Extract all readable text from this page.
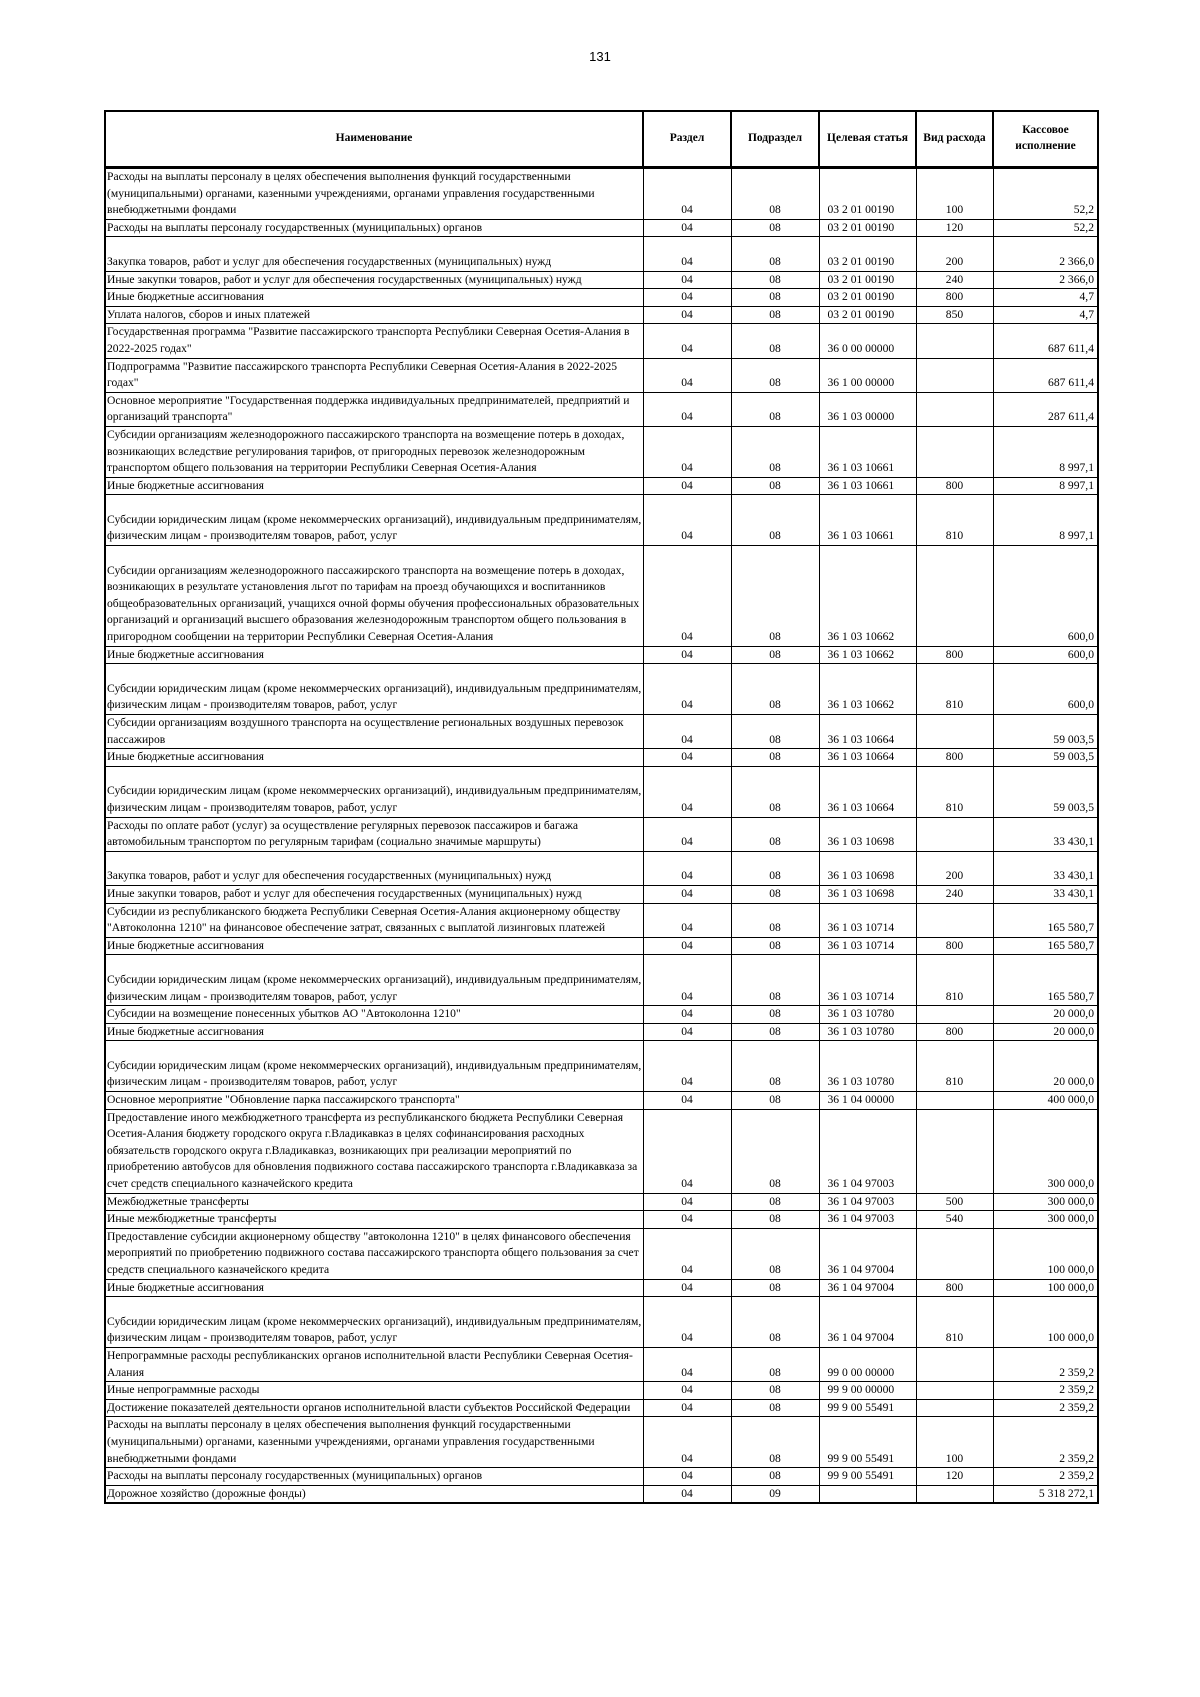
131
Наименование	Раздел	Подраздел	Целевая статья	Вид расхода	Кассовое исполнение
Расходы на выплаты персоналу в целях обеспечения выполнения функций государственными (муниципальными) органами, казенными учреждениями, органами управления государственными внебюджетными фондами	04	08	03 2 01 00190	100	52,2
Расходы на выплаты персоналу государственных (муниципальных) органов	04	08	03 2 01 00190	120	52,2
Закупка товаров, работ и услуг для обеспечения государственных (муниципальных) нужд	04	08	03 2 01 00190	200	2 366,0
Иные закупки товаров, работ и услуг для обеспечения государственных (муниципальных) нужд	04	08	03 2 01 00190	240	2 366,0
Иные бюджетные ассигнования	04	08	03 2 01 00190	800	4,7
Уплата налогов, сборов и иных платежей	04	08	03 2 01 00190	850	4,7
Государственная программа "Развитие пассажирского транспорта Республики Северная Осетия-Алания в 2022-2025 годах"	04	08	36 0 00 00000		687 611,4
Подпрограмма "Развитие пассажирского транспорта Республики Северная Осетия-Алания в 2022-2025 годах"	04	08	36 1 00 00000		687 611,4
Основное мероприятие "Государственная поддержка индивидуальных предпринимателей, предприятий и организаций транспорта"	04	08	36 1 03 00000		287 611,4
Субсидии организациям железнодорожного пассажирского транспорта на возмещение потерь в доходах, возникающих вследствие регулирования тарифов, от пригородных перевозок железнодорожным транспортом общего пользования на территории Республики Северная Осетия-Алания	04	08	36 1 03 10661		8 997,1
Иные бюджетные ассигнования	04	08	36 1 03 10661	800	8 997,1
Субсидии юридическим лицам (кроме некоммерческих организаций), индивидуальным предпринимателям, физическим лицам - производителям товаров, работ, услуг	04	08	36 1 03 10661	810	8 997,1
Субсидии организациям железнодорожного пассажирского транспорта на возмещение потерь в доходах, возникающих в результате установления льгот по тарифам на проезд обучающихся и воспитанников общеобразовательных организаций, учащихся очной формы обучения профессиональных образовательных организаций и организаций высшего образования железнодорожным транспортом общего пользования в пригородном сообщении на территории Республики Северная Осетия-Алания	04	08	36 1 03 10662		600,0
Иные бюджетные ассигнования	04	08	36 1 03 10662	800	600,0
Субсидии юридическим лицам (кроме некоммерческих организаций), индивидуальным предпринимателям, физическим лицам - производителям товаров, работ, услуг	04	08	36 1 03 10662	810	600,0
Субсидии организациям воздушного транспорта на осуществление региональных воздушных перевозок пассажиров	04	08	36 1 03 10664		59 003,5
Иные бюджетные ассигнования	04	08	36 1 03 10664	800	59 003,5
Субсидии юридическим лицам (кроме некоммерческих организаций), индивидуальным предпринимателям, физическим лицам - производителям товаров, работ, услуг	04	08	36 1 03 10664	810	59 003,5
Расходы по оплате работ (услуг) за осуществление регулярных перевозок пассажиров и багажа автомобильным транспортом по регулярным тарифам (социально значимые маршруты)	04	08	36 1 03 10698		33 430,1
Закупка товаров, работ и услуг для обеспечения государственных (муниципальных) нужд	04	08	36 1 03 10698	200	33 430,1
Иные закупки товаров, работ и услуг для обеспечения государственных (муниципальных) нужд	04	08	36 1 03 10698	240	33 430,1
Субсидии из республиканского бюджета Республики Северная Осетия-Алания акционерному обществу "Автоколонна 1210" на финансовое обеспечение затрат, связанных с выплатой лизинговых платежей	04	08	36 1 03 10714		165 580,7
Иные бюджетные ассигнования	04	08	36 1 03 10714	800	165 580,7
Субсидии юридическим лицам (кроме некоммерческих организаций), индивидуальным предпринимателям, физическим лицам - производителям товаров, работ, услуг	04	08	36 1 03 10714	810	165 580,7
Субсидии на возмещение понесенных убытков АО "Автоколонна 1210"	04	08	36 1 03 10780		20 000,0
Иные бюджетные ассигнования	04	08	36 1 03 10780	800	20 000,0
Субсидии юридическим лицам (кроме некоммерческих организаций), индивидуальным предпринимателям, физическим лицам - производителям товаров, работ, услуг	04	08	36 1 03 10780	810	20 000,0
Основное мероприятие "Обновление парка пассажирского транспорта"	04	08	36 1 04 00000		400 000,0
Предоставление иного межбюджетного трансферта из республиканского бюджета Республики Северная Осетия-Алания бюджету городского округа г.Владикавказ в целях софинансирования расходных обязательств городского округа г.Владикавказ, возникающих при реализации мероприятий по приобретению автобусов для обновления подвижного состава пассажирского транспорта г.Владикавказа за счет средств специального казначейского кредита	04	08	36 1 04 97003		300 000,0
Межбюджетные трансферты	04	08	36 1 04 97003	500	300 000,0
Иные межбюджетные трансферты	04	08	36 1 04 97003	540	300 000,0
Предоставление субсидии акционерному обществу "автоколонна 1210" в целях финансового обеспечения мероприятий по приобретению подвижного состава пассажирского транспорта общего пользования за счет средств специального казначейского кредита	04	08	36 1 04 97004		100 000,0
Иные бюджетные ассигнования	04	08	36 1 04 97004	800	100 000,0
Субсидии юридическим лицам (кроме некоммерческих организаций), индивидуальным предпринимателям, физическим лицам - производителям товаров, работ, услуг	04	08	36 1 04 97004	810	100 000,0
Непрограммные расходы республиканских органов исполнительной власти Республики Северная Осетия-Алания	04	08	99 0 00 00000		2 359,2
Иные непрограммные расходы	04	08	99 9 00 00000		2 359,2
Достижение показателей деятельности органов исполнительной власти субъектов Российской Федерации	04	08	99 9 00 55491		2 359,2
Расходы на выплаты персоналу в целях обеспечения выполнения функций государственными (муниципальными) органами, казенными учреждениями, органами управления государственными внебюджетными фондами	04	08	99 9 00 55491	100	2 359,2
Расходы на выплаты персоналу государственных (муниципальных) органов	04	08	99 9 00 55491	120	2 359,2
Дорожное хозяйство (дорожные фонды)	04	09			5 318 272,1
